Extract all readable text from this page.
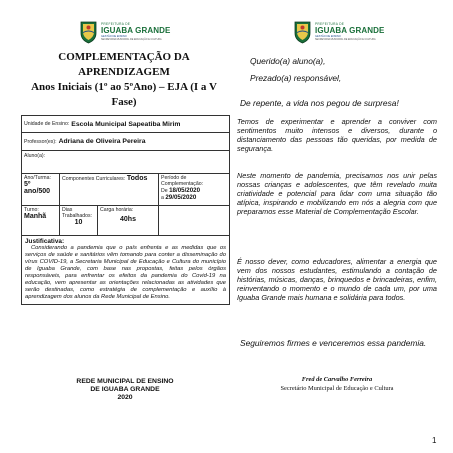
PREFEITURA DE
IGUABA GRANDE
GESTÃO DE ENSINO
SECRETARIA MUNICIPAL DE EDUCAÇÃO E CULTURA
PREFEITURA DE
IGUABA GRANDE
GESTÃO DE ENSINO
SECRETARIA MUNICIPAL DE EDUCAÇÃO E CULTURA
COMPLEMENTAÇÃO DA APRENDIZAGEM
Anos Iniciais (1º ao 5ºAno) – EJA (I a V Fase)
Unidade de Ensino: Escola Municipal Sapeatiba Mirim
Professor(es): Adriana de Oliveira Pereira
Aluno(a):
Ano/Turma:
5º ano/500
Componentes Curriculares: Todos	Período de Complementação:
De 18/05/2020
a 29/05/2020
Turno:
Manhã
Dias Trabalhados:
10
Carga horária:
40hs
Justificativa:
Considerando a pandemia que o país enfrenta e as medidas que os serviços de saúde e sanitários vêm tomando para conter a disseminação do vírus COVID-19, a Secretaria Municipal de Educação e Cultura do município de Iguaba Grande, com base nas propostas, feitas pelos órgãos responsáveis, para enfrentar os efeitos da pandemia do Covid-19 na educação, vem apresentar as orientações relacionadas as atividades que serão destinadas, como estratégia de complementação e auxílio à aprendizagem dos alunos da Rede Municipal de Ensino.
REDE MUNICIPAL DE ENSINO
DE IGUABA GRANDE
2020
Querido(a) aluno(a),
Prezado(a) responsável,
De repente, a vida nos pegou de surpresa!
Temos de experimentar e aprender a conviver com sentimentos muito intensos e diversos, durante o distanciamento das pessoas tão queridas, por medida de segurança.
Neste momento de pandemia, precisamos nos unir pelas nossas crianças e adolescentes, que têm revelado muita criatividade e potencial para lidar com uma situação tão atípica, inspirando e mobilizando em nós a alegria com que preparamos esse Material de Complementação Escolar.
É nosso dever, como educadores, alimentar a energia que vem dos nossos estudantes, estimulando a contação de histórias, músicas, danças, brinquedos e brincadeiras, enfim, reinventando o momento e o mundo de cada um, por uma Iguaba Grande mais humana e solidária para todos.
Seguiremos firmes e venceremos essa pandemia.
Fred de Carvalho Ferreira
Secretário Municipal de Educação e Cultura
1
